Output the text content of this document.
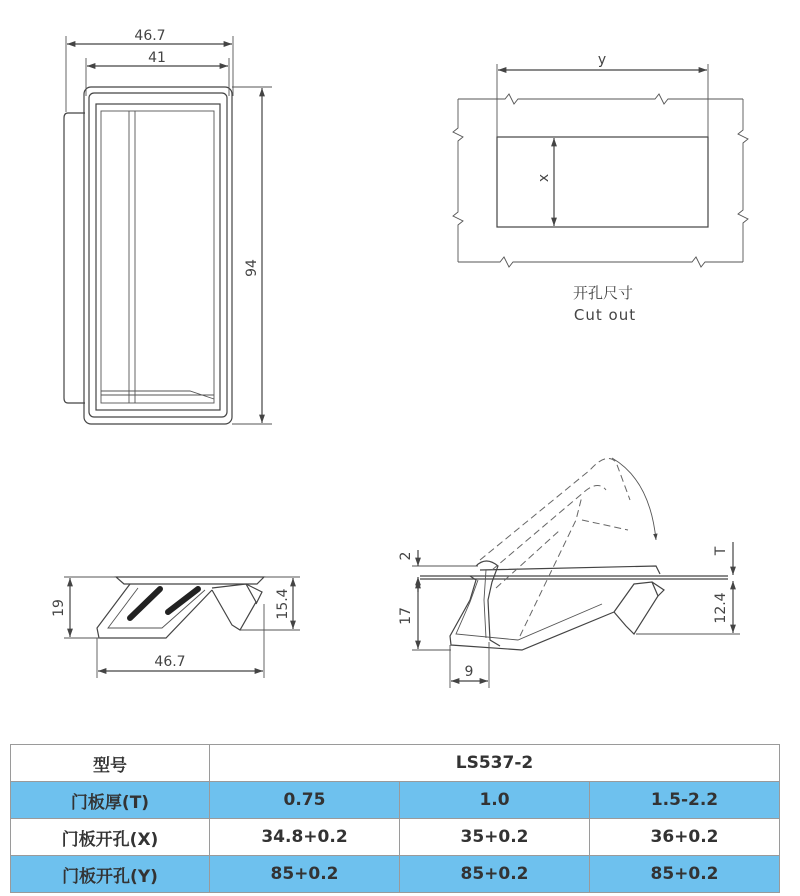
46.7
41
94
y
x
开孔尺寸
Cut out
19	15.4
46.7
2
17
9
T
12.4
型号	LS537-2		
门板厚(T)	0.75	1.0	1.5-2.2
门板开孔(X)	34.8+0.2	35+0.2	36+0.2
门板开孔(Y)	85+0.2	85+0.2	85+0.2
